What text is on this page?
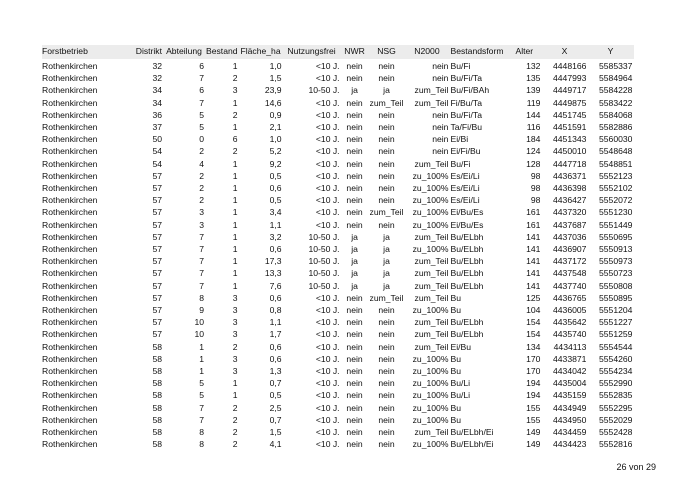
Forstbetrieb	Distrikt	Abteilung	Bestand	Fläche_ha	Nutzungsfrei	NWR	NSG	N2000	Bestandsform	Alter	X	Y
Rothenkirchen	32	6	1	1,0	<10 J.	nein	nein	nein	Bu/Fi	132	4448166	5585337
Rothenkirchen	32	7	2	1,5	<10 J.	nein	nein	nein	Bu/Fi/Ta	135	4447993	5584964
Rothenkirchen	34	6	3	23,9	10-50 J.	ja	ja	zum_Teil	Bu/Fi/BAh	139	4449717	5584228
Rothenkirchen	34	7	1	14,6	<10 J.	nein	zum_Teil	zum_Teil	Fi/Bu/Ta	119	4449875	5583422
Rothenkirchen	36	5	2	0,9	<10 J.	nein	nein	nein	Bu/Fi/Ta	144	4451745	5584068
Rothenkirchen	37	5	1	2,1	<10 J.	nein	nein	nein	Ta/Fi/Bu	116	4451591	5582886
Rothenkirchen	50	0	6	1,0	<10 J.	nein	nein	nein	Ei/Bi	184	4451343	5560030
Rothenkirchen	54	2	2	5,2	<10 J.	nein	nein	nein	Ei/Fi/Bu	124	4450010	5548648
Rothenkirchen	54	4	1	9,2	<10 J.	nein	nein	zum_Teil	Bu/Fi	128	4447718	5548851
Rothenkirchen	57	2	1	0,5	<10 J.	nein	nein	zu_100%	Es/Ei/Li	98	4436371	5552123
Rothenkirchen	57	2	1	0,6	<10 J.	nein	nein	zu_100%	Es/Ei/Li	98	4436398	5552102
Rothenkirchen	57	2	1	0,5	<10 J.	nein	nein	zu_100%	Es/Ei/Li	98	4436427	5552072
Rothenkirchen	57	3	1	3,4	<10 J.	nein	zum_Teil	zu_100%	Ei/Bu/Es	161	4437320	5551230
Rothenkirchen	57	3	1	1,1	<10 J.	nein	nein	zu_100%	Ei/Bu/Es	161	4437687	5551449
Rothenkirchen	57	7	1	3,2	10-50 J.	ja	ja	zum_Teil	Bu/ELbh	141	4437036	5550695
Rothenkirchen	57	7	1	0,6	10-50 J.	ja	ja	zu_100%	Bu/ELbh	141	4436907	5550913
Rothenkirchen	57	7	1	17,3	10-50 J.	ja	ja	zum_Teil	Bu/ELbh	141	4437172	5550973
Rothenkirchen	57	7	1	13,3	10-50 J.	ja	ja	zum_Teil	Bu/ELbh	141	4437548	5550723
Rothenkirchen	57	7	1	7,6	10-50 J.	ja	ja	zum_Teil	Bu/ELbh	141	4437740	5550808
Rothenkirchen	57	8	3	0,6	<10 J.	nein	zum_Teil	zum_Teil	Bu	125	4436765	5550895
Rothenkirchen	57	9	3	0,8	<10 J.	nein	nein	zu_100%	Bu	104	4436005	5551204
Rothenkirchen	57	10	3	1,1	<10 J.	nein	nein	zum_Teil	Bu/ELbh	154	4435642	5551227
Rothenkirchen	57	10	3	1,7	<10 J.	nein	nein	zum_Teil	Bu/ELbh	154	4435740	5551259
Rothenkirchen	58	1	2	0,6	<10 J.	nein	nein	zum_Teil	Ei/Bu	134	4434113	5554544
Rothenkirchen	58	1	3	0,6	<10 J.	nein	nein	zu_100%	Bu	170	4433871	5554260
Rothenkirchen	58	1	3	1,3	<10 J.	nein	nein	zu_100%	Bu	170	4434042	5554234
Rothenkirchen	58	5	1	0,7	<10 J.	nein	nein	zu_100%	Bu/Li	194	4435004	5552990
Rothenkirchen	58	5	1	0,5	<10 J.	nein	nein	zu_100%	Bu/Li	194	4435159	5552835
Rothenkirchen	58	7	2	2,5	<10 J.	nein	nein	zu_100%	Bu	155	4434949	5552295
Rothenkirchen	58	7	2	0,7	<10 J.	nein	nein	zu_100%	Bu	155	4434950	5552029
Rothenkirchen	58	8	2	1,5	<10 J.	nein	nein	zum_Teil	Bu/ELbh/Ei	149	4434459	5552428
Rothenkirchen	58	8	2	4,1	<10 J.	nein	nein	zu_100%	Bu/ELbh/Ei	149	4434423	5552816
26 von 29
